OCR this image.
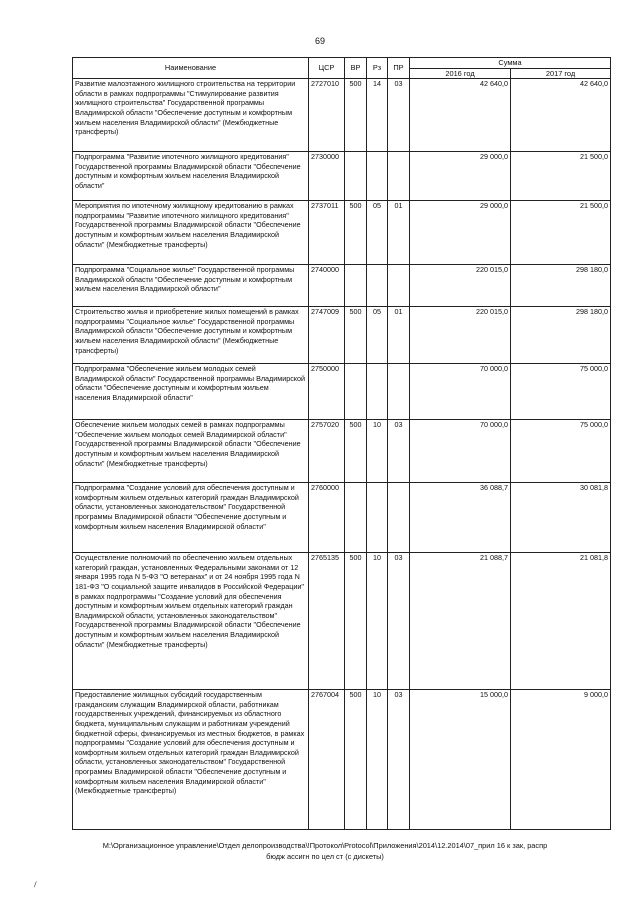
69
Наименование	ЦСР	ВР	Рз	ПР	Сумма	
					2016 год	2017 год
Развитие малоэтажного жилищного строительства на территории области в рамках подпрограммы "Стимулирование развития жилищного строительства" Государственной программы Владимирской области "Обеспечение доступным и комфортным жильем населения Владимирской области" (Межбюджетные трансферты)	2727010	500	14	03	42 640,0	42 640,0
Подпрограмма "Развитие ипотечного жилищного кредитования" Государственной программы Владимирской области "Обеспечение доступным и комфортным жильем населения Владимирской области"	2730000				29 000,0	21 500,0
Мероприятия по ипотечному жилищному кредитованию в рамках подпрограммы "Развитие ипотечного жилищного кредитования" Государственной программы Владимирской области "Обеспечение доступным и комфортным жильем населения Владимирской области" (Межбюджетные трансферты)	2737011	500	05	01	29 000,0	21 500,0
Подпрограмма "Социальное жилье" Государственной программы Владимирской области "Обеспечение доступным и комфортным жильем населения Владимирской области"	2740000				220 015,0	298 180,0
Строительство жилья и приобретение жилых помещений в рамках подпрограммы "Социальное жилье" Государственной программы Владимирской области "Обеспечение доступным и комфортным жильем населения Владимирской области" (Межбюджетные трансферты)	2747009	500	05	01	220 015,0	298 180,0
Подпрограмма "Обеспечение жильем молодых семей Владимирской области" Государственной программы Владимирской области "Обеспечение доступным и комфортным жильем населения Владимирской области"	2750000				70 000,0	75 000,0
Обеспечение жильем молодых семей в рамках подпрограммы "Обеспечение жильем молодых семей Владимирской области" Государственной программы Владимирской области "Обеспечение доступным и комфортным жильем населения Владимирской области" (Межбюджетные трансферты)	2757020	500	10	03	70 000,0	75 000,0
Подпрограмма "Создание условий для обеспечения доступным и комфортным жильем отдельных категорий граждан Владимирской области, установленных законодательством" Государственной программы Владимирской области "Обеспечение доступным и комфортным жильем населения Владимирской области"	2760000				36 088,7	30 081,8
Осуществление полномочий по обеспечению жильем отдельных категорий граждан, установленных Федеральными законами от 12 января 1995 года N 5-ФЗ "О ветеранах" и от 24 ноября 1995 года N 181-ФЗ "О социальной защите инвалидов в Российской Федерации" в рамках подпрограммы "Создание условий для обеспечения доступным и комфортным жильем отдельных категорий граждан Владимирской области, установленных законодательством" Государственной программы Владимирской области "Обеспечение доступным и комфортным жильем населения Владимирской области" (Межбюджетные трансферты)	2765135	500	10	03	21 088,7	21 081,8
Предоставление жилищных субсидий государственным гражданским служащим Владимирской области, работникам государственных учреждений, финансируемых из областного бюджета, муниципальным служащим и работникам учреждений бюджетной сферы, финансируемых из местных бюджетов, в рамках подпрограммы "Создание условий для обеспечения доступным и комфортным жильем отдельных категорий граждан Владимирской области, установленных законодательством" Государственной программы Владимирской области "Обеспечение доступным и комфортным жильем населения Владимирской области" (Межбюджетные трансферты)	2767004	500	10	03	15 000,0	9 000,0
М:\Организационное управление\Отдел делопроизводства\!Протокол\Protocol\Приложения\2014\12.2014\07_прил 16 к зак, распр
бюдж ассигн по цел ст (с дискеты)
\
